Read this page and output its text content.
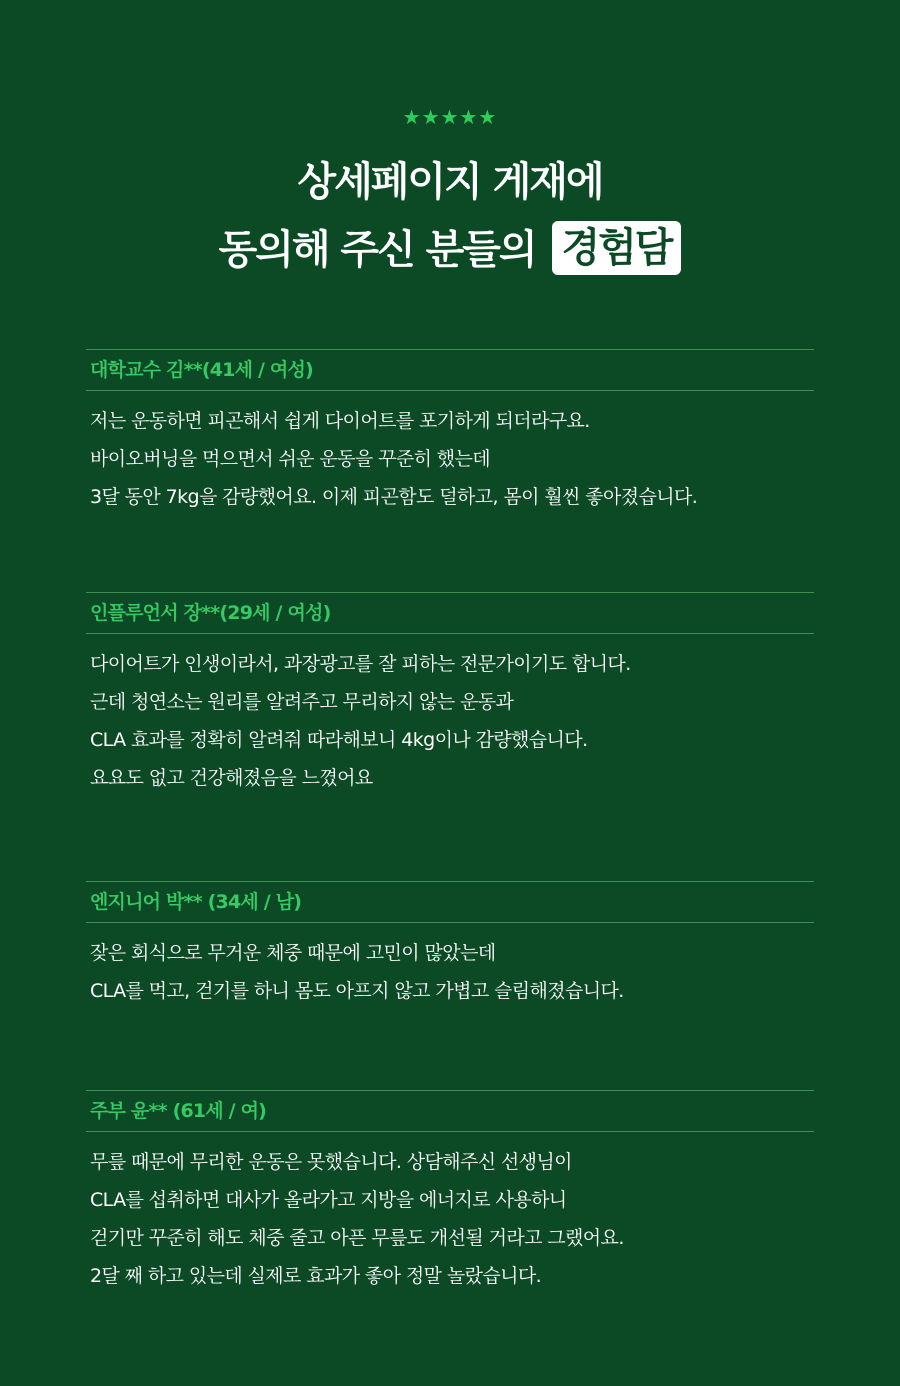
★★★★★
상세페이지 게재에
동의해 주신 분들의 경험담
대학교수 김**(41세 / 여성)
저는 운동하면 피곤해서 쉽게 다이어트를 포기하게 되더라구요.
바이오버닝을 먹으면서 쉬운 운동을 꾸준히 했는데
3달 동안 7kg을 감량했어요. 이제 피곤함도 덜하고, 몸이 훨씬 좋아졌습니다.
인플루언서 장**(29세 / 여성)
다이어트가 인생이라서, 과장광고를 잘 피하는 전문가이기도 합니다.
근데 청연소는 원리를 알려주고 무리하지 않는 운동과
CLA 효과를 정확히 알려줘 따라해보니 4kg이나 감량했습니다.
요요도 없고 건강해졌음을 느꼈어요
엔지니어 박** (34세 / 남)
잦은 회식으로 무거운 체중 때문에 고민이 많았는데
CLA를 먹고, 걷기를 하니 몸도 아프지 않고 가볍고 슬림해졌습니다.
주부 윤** (61세 / 여)
무릎 때문에 무리한 운동은 못했습니다. 상담해주신 선생님이
CLA를 섭취하면 대사가 올라가고 지방을 에너지로 사용하니
걷기만 꾸준히 해도 체중 줄고 아픈 무릎도 개선될 거라고 그랬어요.
2달 째 하고 있는데 실제로 효과가 좋아 정말 놀랐습니다.
